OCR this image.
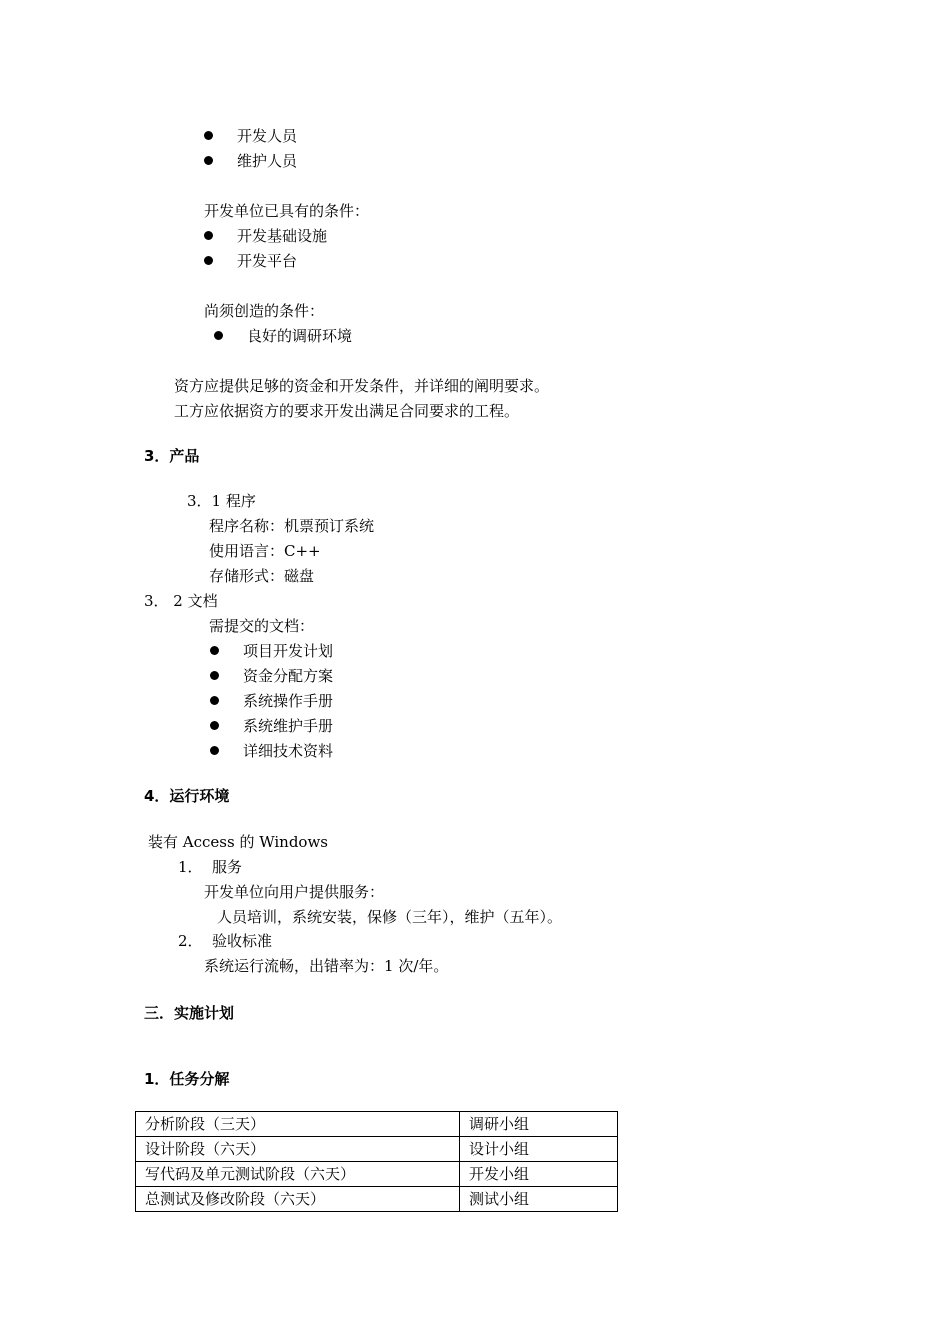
开发人员
维护人员
开发单位已具有的条件：
开发基础设施
开发平台
尚须创造的条件：
良好的调研环境
资方应提供足够的资金和开发条件，并详细的阐明要求。
工方应依据资方的要求开发出满足合同要求的工程。
3．产品
3．1 程序
程序名称：机票预订系统
使用语言：C++
存储形式：磁盘
3． 2 文档
需提交的文档：
项目开发计划
资金分配方案
系统操作手册
系统维护手册
详细技术资料
4．运行环境
装有 Access 的 Windows
1． 服务
开发单位向用户提供服务：
人员培训，系统安装，保修（三年），维护（五年）。
2． 验收标准
系统运行流畅，出错率为：1 次/年。
三．实施计划
1．任务分解
分析阶段（三天）	调研小组
设计阶段（六天）	设计小组
写代码及单元测试阶段（六天）	开发小组
总测试及修改阶段（六天）	测试小组
